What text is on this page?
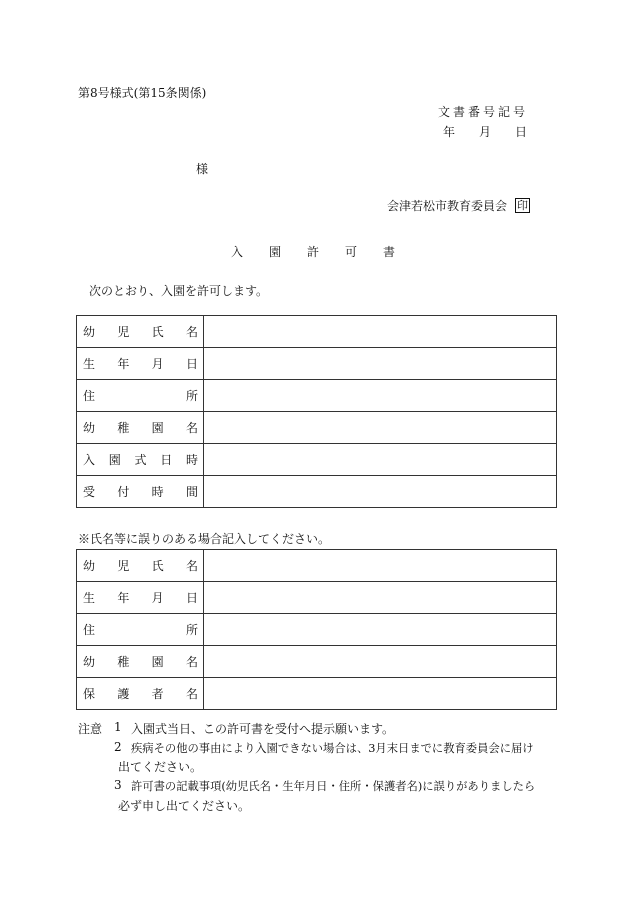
第8号様式(第15条関係)
文書番号記号
年 月 日
様
会津若松市教育委員会 印
入 園 許 可 書
次のとおり、入園を許可します。
幼 児 氏 名	

生 年 月 日	

住 所	

幼 稚 園 名	

入 園 式 日 時	

受 付 時 間	

※氏名等に誤りのある場合記入してください。
幼 児 氏 名	

生 年 月 日	

住 所	

幼 稚 園 名	

保 護 者 名	

注意 1 入園式当日、この許可書を受付へ提示願います。
2 疾病その他の事由により入園できない場合は、3月末日までに教育委員会に届け
出てください。
3 許可書の記載事項(幼児氏名・生年月日・住所・保護者名)に誤りがありましたら
必ず申し出てください。
